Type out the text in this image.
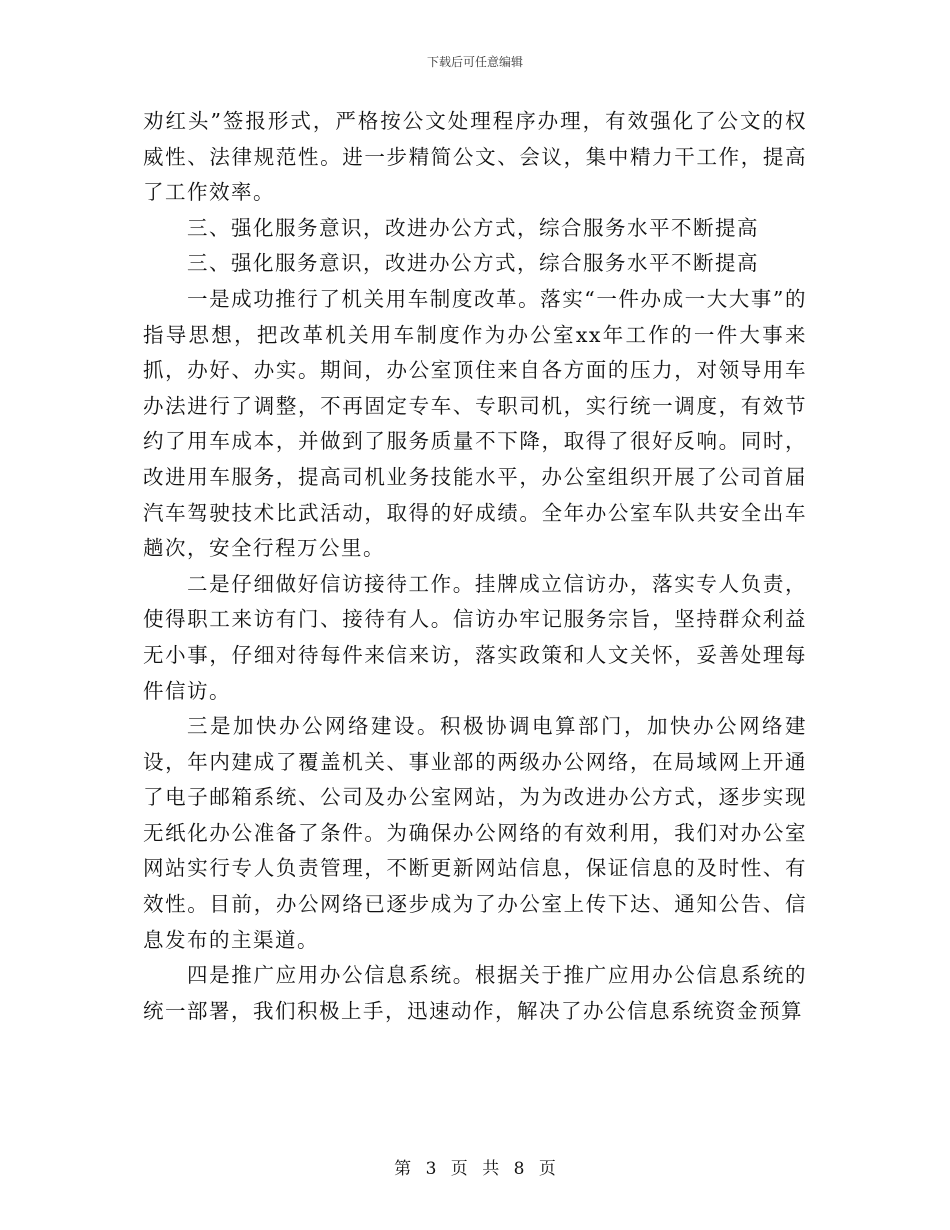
下载后可任意编辑

劝红头”签报形式，严格按公文处理程序办理，有效强化了公文的权威性、法律规范性。进一步精简公文、会议，集中精力干工作，提高了工作效率。

三、强化服务意识，改进办公方式，综合服务水平不断提高

三、强化服务意识，改进办公方式，综合服务水平不断提高

一是成功推行了机关用车制度改革。落实“一件办成一大大事”的指导思想，把改革机关用车制度作为办公室xx年工作的一件大事来抓，办好、办实。期间，办公室顶住来自各方面的压力，对领导用车办法进行了调整，不再固定专车、专职司机，实行统一调度，有效节约了用车成本，并做到了服务质量不下降，取得了很好反响。同时，改进用车服务，提高司机业务技能水平，办公室组织开展了公司首届汽车驾驶技术比武活动，取得的好成绩。全年办公室车队共安全出车趟次，安全行程万公里。

二是仔细做好信访接待工作。挂牌成立信访办，落实专人负责，使得职工来访有门、接待有人。信访办牢记服务宗旨，坚持群众利益无小事，仔细对待每件来信来访，落实政策和人文关怀，妥善处理每件信访。

三是加快办公网络建设。积极协调电算部门，加快办公网络建设，年内建成了覆盖机关、事业部的两级办公网络，在局域网上开通了电子邮箱系统、公司及办公室网站，为为改进办公方式，逐步实现无纸化办公准备了条件。为确保办公网络的有效利用，我们对办公室网站实行专人负责管理，不断更新网站信息，保证信息的及时性、有效性。目前，办公网络已逐步成为了办公室上传下达、通知公告、信息发布的主渠道。

四是推广应用办公信息系统。根据关于推广应用办公信息系统的统一部署，我们积极上手，迅速动作，解决了办公信息系统资金预算

第 3 页 共 8 页
